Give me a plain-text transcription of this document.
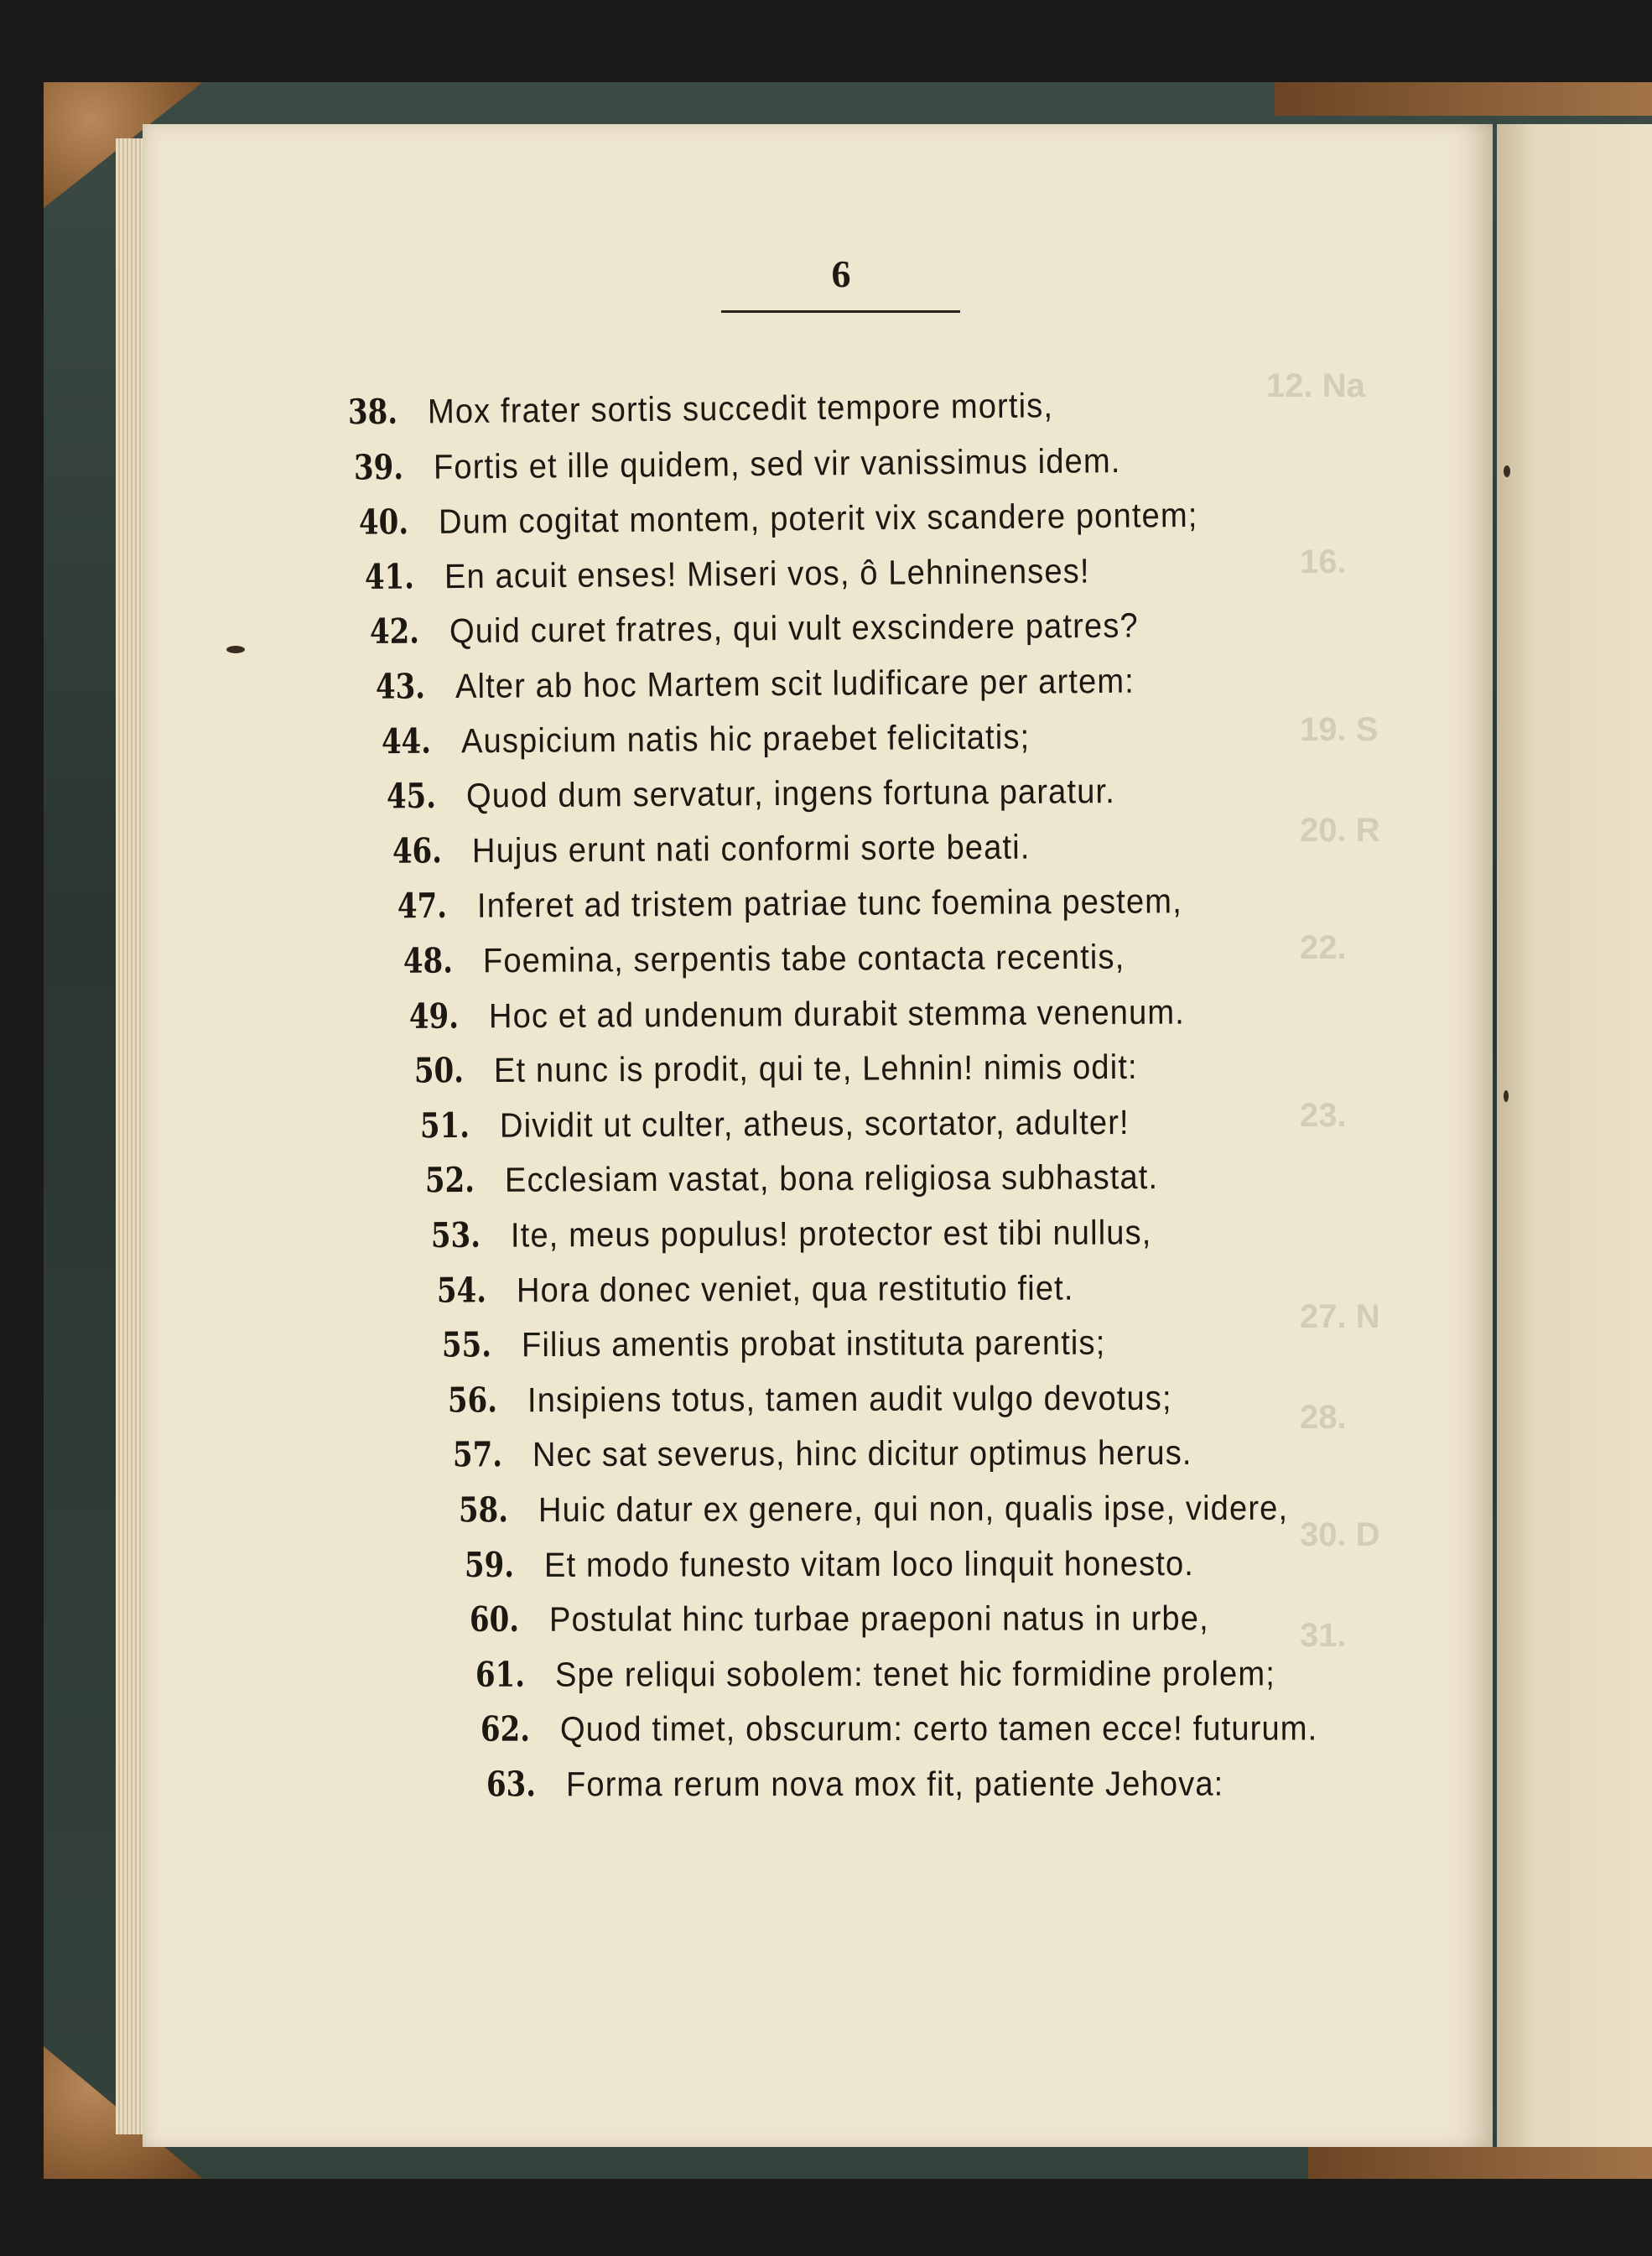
12. Na
16.
19. S
20. R
22.
23.
27. N
28.
30. D
31.
6
38. Mox frater sortis succedit tempore mortis,
39. Fortis et ille quidem, sed vir vanissimus idem.
40. Dum cogitat montem, poterit vix scandere pontem;
41. En acuit enses! Miseri vos, ô Lehninenses!
42. Quid curet fratres, qui vult exscindere patres?
43. Alter ab hoc Martem scit ludificare per artem:
44. Auspicium natis hic praebet felicitatis;
45. Quod dum servatur, ingens fortuna paratur.
46. Hujus erunt nati conformi sorte beati.
47. Inferet ad tristem patriae tunc foemina pestem,
48. Foemina, serpentis tabe contacta recentis,
49. Hoc et ad undenum durabit stemma venenum.
50. Et nunc is prodit, qui te, Lehnin! nimis odit:
51. Dividit ut culter, atheus, scortator, adulter!
52. Ecclesiam vastat, bona religiosa subhastat.
53. Ite, meus populus! protector est tibi nullus,
54. Hora donec veniet, qua restitutio fiet.
55. Filius amentis probat instituta parentis;
56. Insipiens totus, tamen audit vulgo devotus;
57. Nec sat severus, hinc dicitur optimus herus.
58. Huic datur ex genere, qui non, qualis ipse, videre,
59. Et modo funesto vitam loco linquit honesto.
60. Postulat hinc turbae praeponi natus in urbe,
61. Spe reliqui sobolem: tenet hic formidine prolem;
62. Quod timet, obscurum: certo tamen ecce! futurum.
63. Forma rerum nova mox fit, patiente Jehova:
